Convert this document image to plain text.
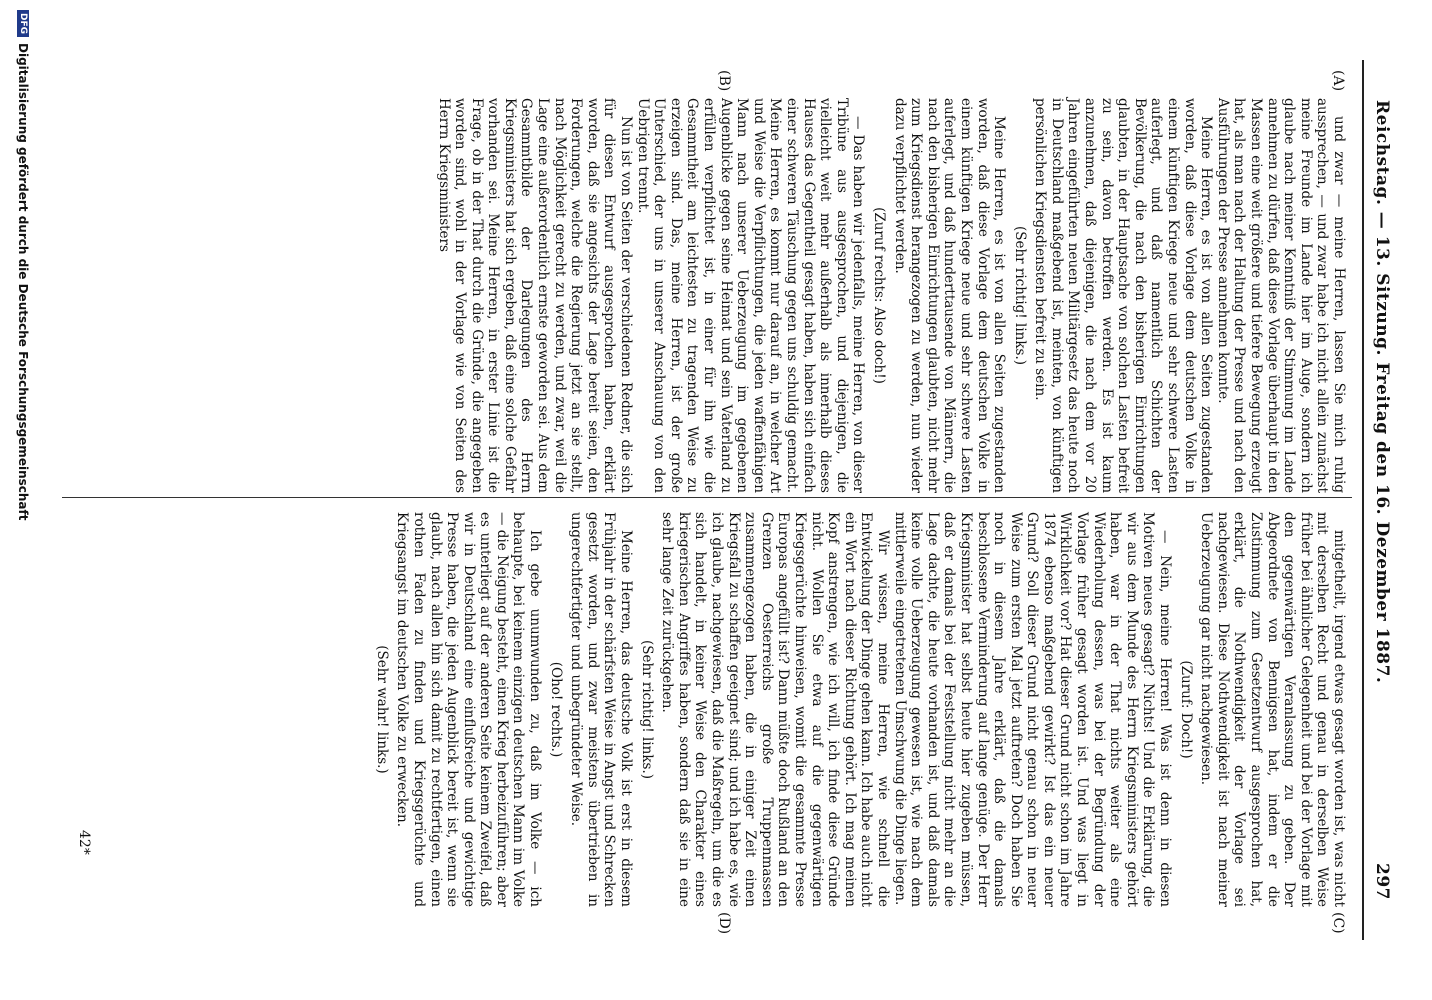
Reichstag. — 13. Sitzung. Freitag den 16. Dezember 1887.
297
(A)
(B)
(C)
(D)

und zwar — meine Herren, lassen Sie mich ruhig aussprechen, — und zwar habe ich nicht allein zunächst meine Freunde im Lande hier im Auge, sondern ich glaube nach meiner Kenntniß der Stimmung im Lande annehmen zu dürfen, daß diese Vorlage überhaupt in den Massen eine weit größere und tiefere Bewegung erzeugt hat, als man nach der Haltung der Presse und nach den Ausführungen der Presse annehmen konnte.

Meine Herren, es ist von allen Seiten zugestanden worden, daß diese Vorlage dem deutschen Volke in einem künftigen Kriege neue und sehr schwere Lasten auferlegt, und daß namentlich Schichten der Bevölkerung, die nach den bisherigen Einrichtungen glaubten, in der Hauptsache von solchen Lasten befreit zu sein, davon betroffen werden. Es ist kaum anzunehmen, daß diejenigen, die nach dem vor 20 Jahren eingeführten neuen Militärgesetz das heute noch in Deutschland maßgebend ist, meinten, von künftigen persönlichen Kriegsdiensten befreit zu sein.

(Sehr richtig! links.)

Meine Herren, es ist von allen Seiten zugestanden worden, daß diese Vorlage dem deutschen Volke in einem künftigen Kriege neue und sehr schwere Lasten auferlegt, und daß hunderttausende von Männern, die nach den bisherigen Einrichtungen glaubten, nicht mehr zum Kriegsdienst herangezogen zu werden, nun wieder dazu verpflichtet werden.

(Zuruf rechts: Also doch!)

— Das haben wir jedenfalls, meine Herren, von dieser Tribüne aus ausgesprochen, und diejenigen, die vielleicht weit mehr außerhalb als innerhalb dieses Hauses das Gegentheil gesagt haben, haben sich einfach einer schweren Täuschung gegen uns schuldig gemacht. Meine Herren, es kommt nur darauf an, in welcher Art und Weise die Verpflichtungen, die jeden waffenfähigen Mann nach unserer Ueberzeugung im gegebenen Augenblicke gegen seine Heimat und sein Vaterland zu erfüllen verpflichtet ist, in einer für ihn wie die Gesammtheit am leichtesten zu tragenden Weise zu erzeigen sind. Das, meine Herren, ist der große Unterschied, der uns in unserer Anschauung von den Uebrigen trennt.

Nun ist von Seiten der verschiedenen Redner, die sich für diesen Entwurf ausgesprochen haben, erklärt worden, daß sie angesichts der Lage bereit seien, den Forderungen, welche die Regierung jetzt an sie stellt, nach Möglichkeit gerecht zu werden, und zwar, weil die Lage eine außerordentlich ernste geworden sei. Aus dem Gesammtbilde der Darlegungen des Herrn Kriegsministers hat sich ergeben, daß eine solche Gefahr vorhanden sei. Meine Herren, in erster Linie ist die Frage, ob in der That durch die Gründe, die angegeben worden sind, wohl in der Vorlage wie von Seiten des Herrn Kriegsministers

mitgetheilt, irgend etwas gesagt worden ist, was nicht mit derselben Recht und genau in derselben Weise früher bei ähnlicher Gelegenheit und bei der Vorlage mit den gegenwärtigen Veranlassung zu geben. Der Abgeordnete von Bennigsen hat, indem er die Zustimmung zum Gesetzentwurf ausgesprochen hat, erklärt, die Nothwendigkeit der Vorlage sei nachgewiesen. Diese Nothwendigkeit ist nach meiner Ueberzeugung gar nicht nachgewiesen.

(Zuruf: Doch!)

— Nein, meine Herren! Was ist denn in diesen Motiven neues gesagt? Nichts! Und die Erklärung, die wir aus dem Munde des Herrn Kriegsministers gehört haben, war in der That nichts weiter als eine Wiederholung dessen, was bei der Begründung der Vorlage früher gesagt worden ist. Und was liegt in Wirklichkeit vor? Hat dieser Grund nicht schon im Jahre 1874 ebenso maßgebend gewirkt? Ist das ein neuer Grund? Soll dieser Grund nicht genau schon in neuer Weise zum ersten Mal jetzt auftreten? Doch haben Sie noch in diesem Jahre erklärt, daß die damals beschlossene Verminderung auf lange genüge. Der Herr Kriegsminister hat selbst heute hier zugeben müssen, daß er damals bei der Feststellung nicht mehr an die Lage dachte, die heute vorhanden ist, und daß damals keine volle Ueberzeugung gewesen ist, wie nach dem mittlerweile eingetretenen Umschwung die Dinge liegen.

Wir wissen, meine Herren, wie schnell die Entwickelung der Dinge gehen kann. Ich habe auch nicht ein Wort nach dieser Richtung gehört. Ich mag meinen Kopf anstrengen, wie ich will, ich finde diese Gründe nicht. Wollen Sie etwa auf die gegenwärtigen Kriegsgerüchte hinweisen, womit die gesammte Presse Europas angefüllt ist? Dann müßte doch Rußland an den Grenzen Oesterreichs große Truppenmassen zusammengezogen haben, die in einiger Zeit einen Kriegsfall zu schaffen geeignet sind; und ich habe es, wie ich glaube, nachgewiesen, daß die Maßregeln, um die es sich handelt, in keiner Weise den Charakter eines kriegerischen Angriffes haben, sondern daß sie in eine sehr lange Zeit zurückgehen.

(Sehr richtig! links.)

Meine Herren, das deutsche Volk ist erst in diesem Frühjahr in der schärfsten Weise in Angst und Schrecken gesetzt worden, und zwar meistens übertrieben in ungerechtfertigter und unbegründeter Weise.

(Oho! rechts.)

Ich gebe unumwunden zu, daß im Volke — ich behaupte, bei keinem einzigen deutschen Mann im Volke — die Neigung besteht, einen Krieg herbeizuführen; aber es unterliegt auf der anderen Seite keinem Zweifel, daß wir in Deutschland eine einflußreiche und gewichtige Presse haben, die jeden Augenblick bereit ist, wenn sie glaubt, nach allen hin sich damit zu rechtfertigen, einen rothen Faden zu finden und Kriegsgerüchte und Kriegsangst im deutschen Volke zu erwecken.

(Sehr wahr! links.)

42*
DFG
Digitalisierung gefördert durch die Deutsche Forschungsgemeinschaft
